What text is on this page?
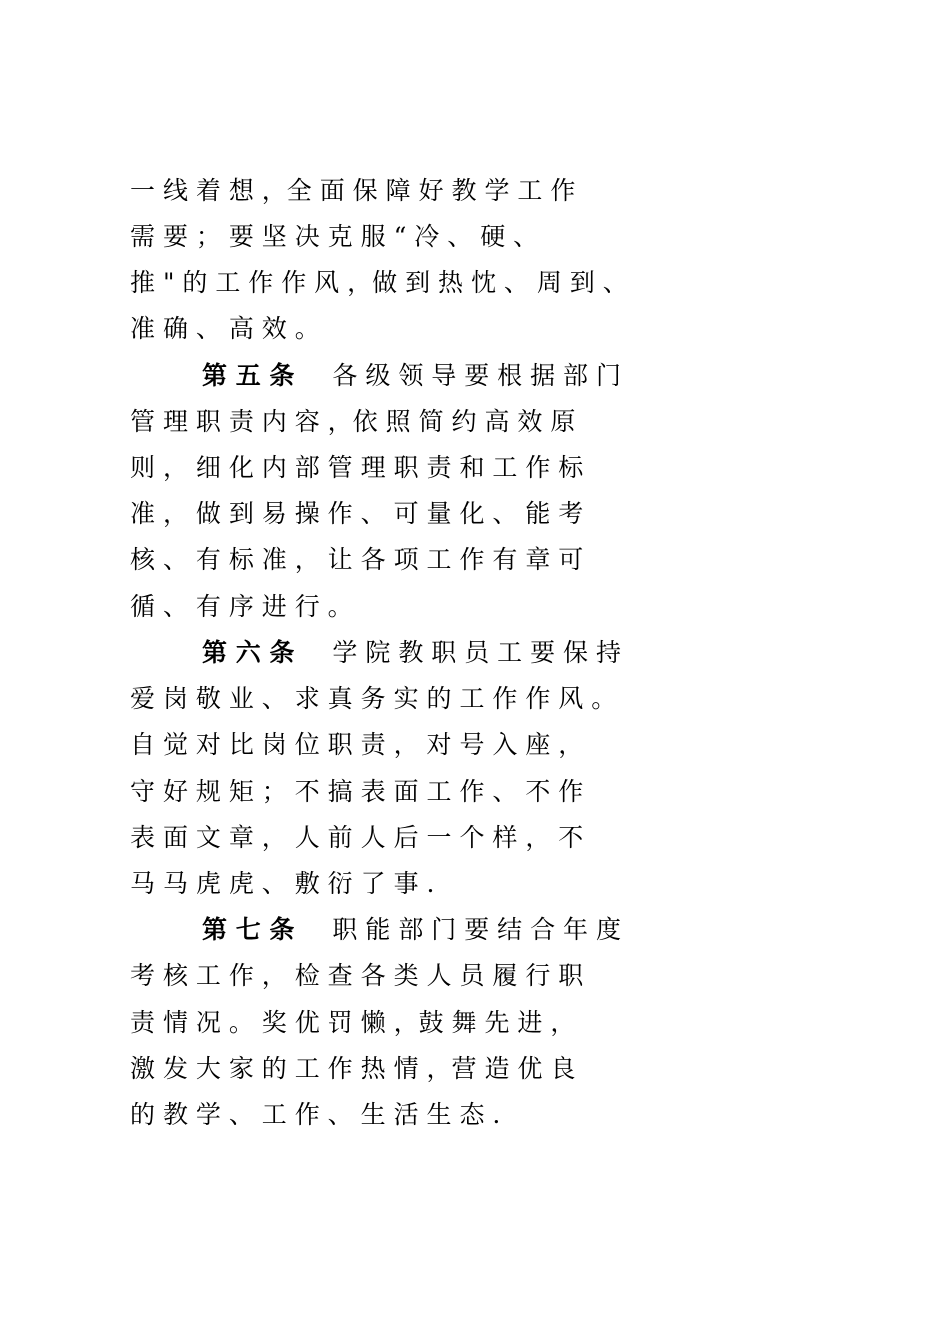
一 线 着 想 ，全 面 保 障 好 教 学 工 作
需 要 ； 要 坚 决 克 服 “ 冷 、 硬 、
推 " 的 工 作 作 风 ，做 到 热 忱 、 周 到 、
准 确 、 高 效 。
第 五 条 各 级 领 导 要 根 据 部 门
管 理 职 责 内 容 ，依 照 简 约 高 效 原
则 ， 细 化 内 部 管 理 职 责 和 工 作 标
准 ， 做 到 易 操 作 、 可 量 化 、 能 考
核 、 有 标 准 ， 让 各 项 工 作 有 章 可
循 、 有 序 进 行 。
第 六 条 学 院 教 职 员 工 要 保 持
爱 岗 敬 业 、 求 真 务 实 的 工 作 作 风 。
自 觉 对 比 岗 位 职 责 ， 对 号 入 座 ，
守 好 规 矩 ； 不 搞 表 面 工 作 、 不 作
表 面 文 章 ， 人 前 人 后 一 个 样 ， 不
马 马 虎 虎 、 敷 衍 了 事 .
第 七 条 职 能 部 门 要 结 合 年 度
考 核 工 作 ， 检 查 各 类 人 员 履 行 职
责 情 况 。 奖 优 罚 懒 ，鼓 舞 先 进 ，
激 发 大 家 的 工 作 热 情 ，营 造 优 良
的 教 学 、 工 作 、 生 活 生 态 .
